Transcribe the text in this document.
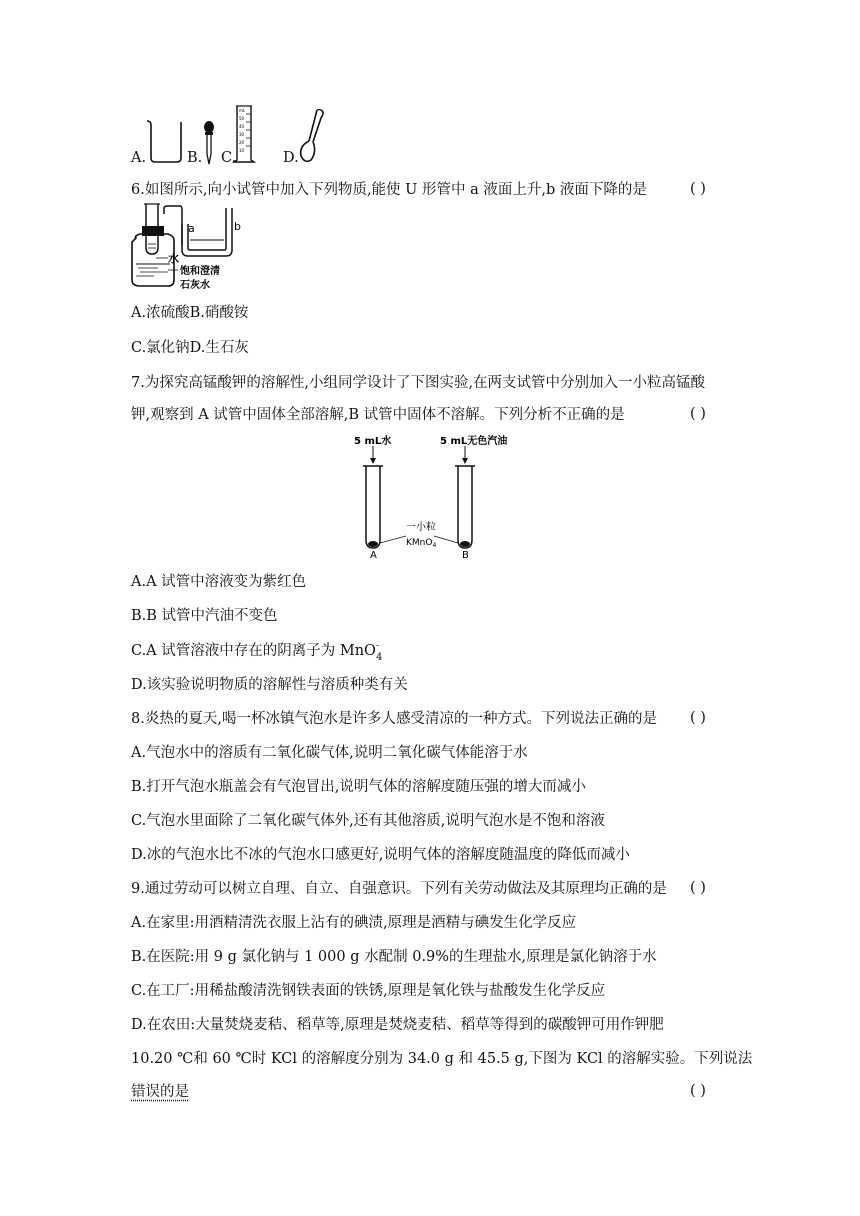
A.	B. C.
mL
50
40
30
20
10	D.
6.如图所示,向小试管中加入下列物质,能使 U 形管中 a 液面上升,b 液面下降的是	( )
a	b
水
饱和澄清
石灰水
A.浓硫酸B.硝酸铵
C.氯化钠D.生石灰
7.为探究高锰酸钾的溶解性,小组同学设计了下图实验,在两支试管中分别加入一小粒高锰酸
钾,观察到 A 试管中固体全部溶解,B 试管中固体不溶解。下列分析不正确的是	( )
5 mL水	5 mL无色汽油
一小粒
KMnO$_4$
A	B
A.A 试管中溶液变为紫红色
B.B 试管中汽油不变色
C.A 试管溶液中存在的阴离子为 MnO -
4
D.该实验说明物质的溶解性与溶质种类有关
8.炎热的夏天,喝一杯冰镇气泡水是许多人感受清凉的一种方式。下列说法正确的是 ( )
A.气泡水中的溶质有二氧化碳气体,说明二氧化碳气体能溶于水
B.打开气泡水瓶盖会有气泡冒出,说明气体的溶解度随压强的增大而减小
C.气泡水里面除了二氧化碳气体外,还有其他溶质,说明气泡水是不饱和溶液
D.冰的气泡水比不冰的气泡水口感更好,说明气体的溶解度随温度的降低而减小
9.通过劳动可以树立自理、自立、自强意识。下列有关劳动做法及其原理均正确的是 ( )
A.在家里:用酒精清洗衣服上沾有的碘渍,原理是酒精与碘发生化学反应
B.在医院:用 9 g 氯化钠与 1 000 g 水配制 0.9%的生理盐水,原理是氯化钠溶于水
C.在工厂:用稀盐酸清洗钢铁表面的铁锈,原理是氧化铁与盐酸发生化学反应
D.在农田:大量焚烧麦秸、稻草等,原理是焚烧麦秸、稻草等得到的碳酸钾可用作钾肥
10.20 ℃和 60 ℃时 KCl 的溶解度分别为 34.0 g 和 45.5 g,下图为 KCl 的溶解实验。下列说法
错误的是	( )
